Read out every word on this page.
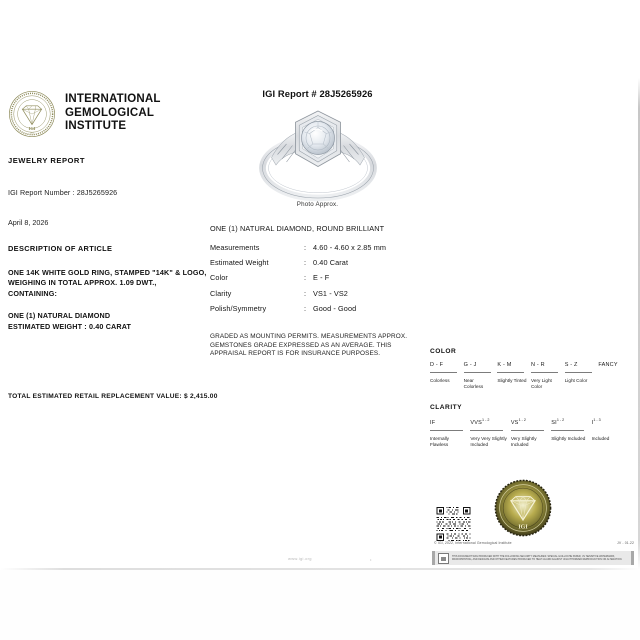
IGI
1975
INTERNATIONAL
GEMOLOGICAL
INSTITUTE
JEWELRY REPORT
IGI Report Number : 28J5265926
April 8, 2026
DESCRIPTION OF ARTICLE
ONE 14K WHITE GOLD RING, STAMPED "14K" & LOGO,
WEIGHING IN TOTAL APPROX. 1.09 DWT.,
CONTAINING:
ONE (1) NATURAL DIAMOND
ESTIMATED WEIGHT : 0.40 CARAT
TOTAL ESTIMATED RETAIL REPLACEMENT VALUE: $ 2,415.00
IGI Report # 28J5265926
Photo Approx.
ONE (1) NATURAL DIAMOND, ROUND BRILLIANT
Measurements	:	4.60 - 4.60 x 2.85 mm
Estimated Weight	:	0.40 Carat
Color	:	E - F
Clarity	:	VS1 - VS2
Polish/Symmetry	:	Good - Good
GRADED AS MOUNTING PERMITS. MEASUREMENTS APPROX.
GEMSTONES GRADE EXPRESSED AS AN AVERAGE. THIS
APPRAISAL REPORT IS FOR INSURANCE PURPOSES.	COLOR
D - F
Colorless
G - J
Near Colorless
K - M
Slightly Tinted
N - R
Very Light Color
S - Z
Light Color
FANCY
CLARITY
IF
Internally Flawless
VVS$^{1 - 2}$
Very Very Slightly Included
VS$^{1 - 2}$
Very Slightly Included
SI$^{1 - 2}$
Slightly Included
$I^{1 - 3}$
Included
IGI
© IGI, 2022, International Gemological Institute	JV - 01.22
THIS DOCUMENT WAS PRODUCED WITH THE FOLLOWING SECURITY MEASURES: SPECIAL GUILLOCHE PAPER, UV SENSITIVE WATERMARK, MICROPRINTING, AND DESIGNS AND OTHER FEATURES PRODUCED TO HELP GUARD AGAINST UNAUTHORIZED REPRODUCTION OR ALTERATION.
www.igi.org	•
